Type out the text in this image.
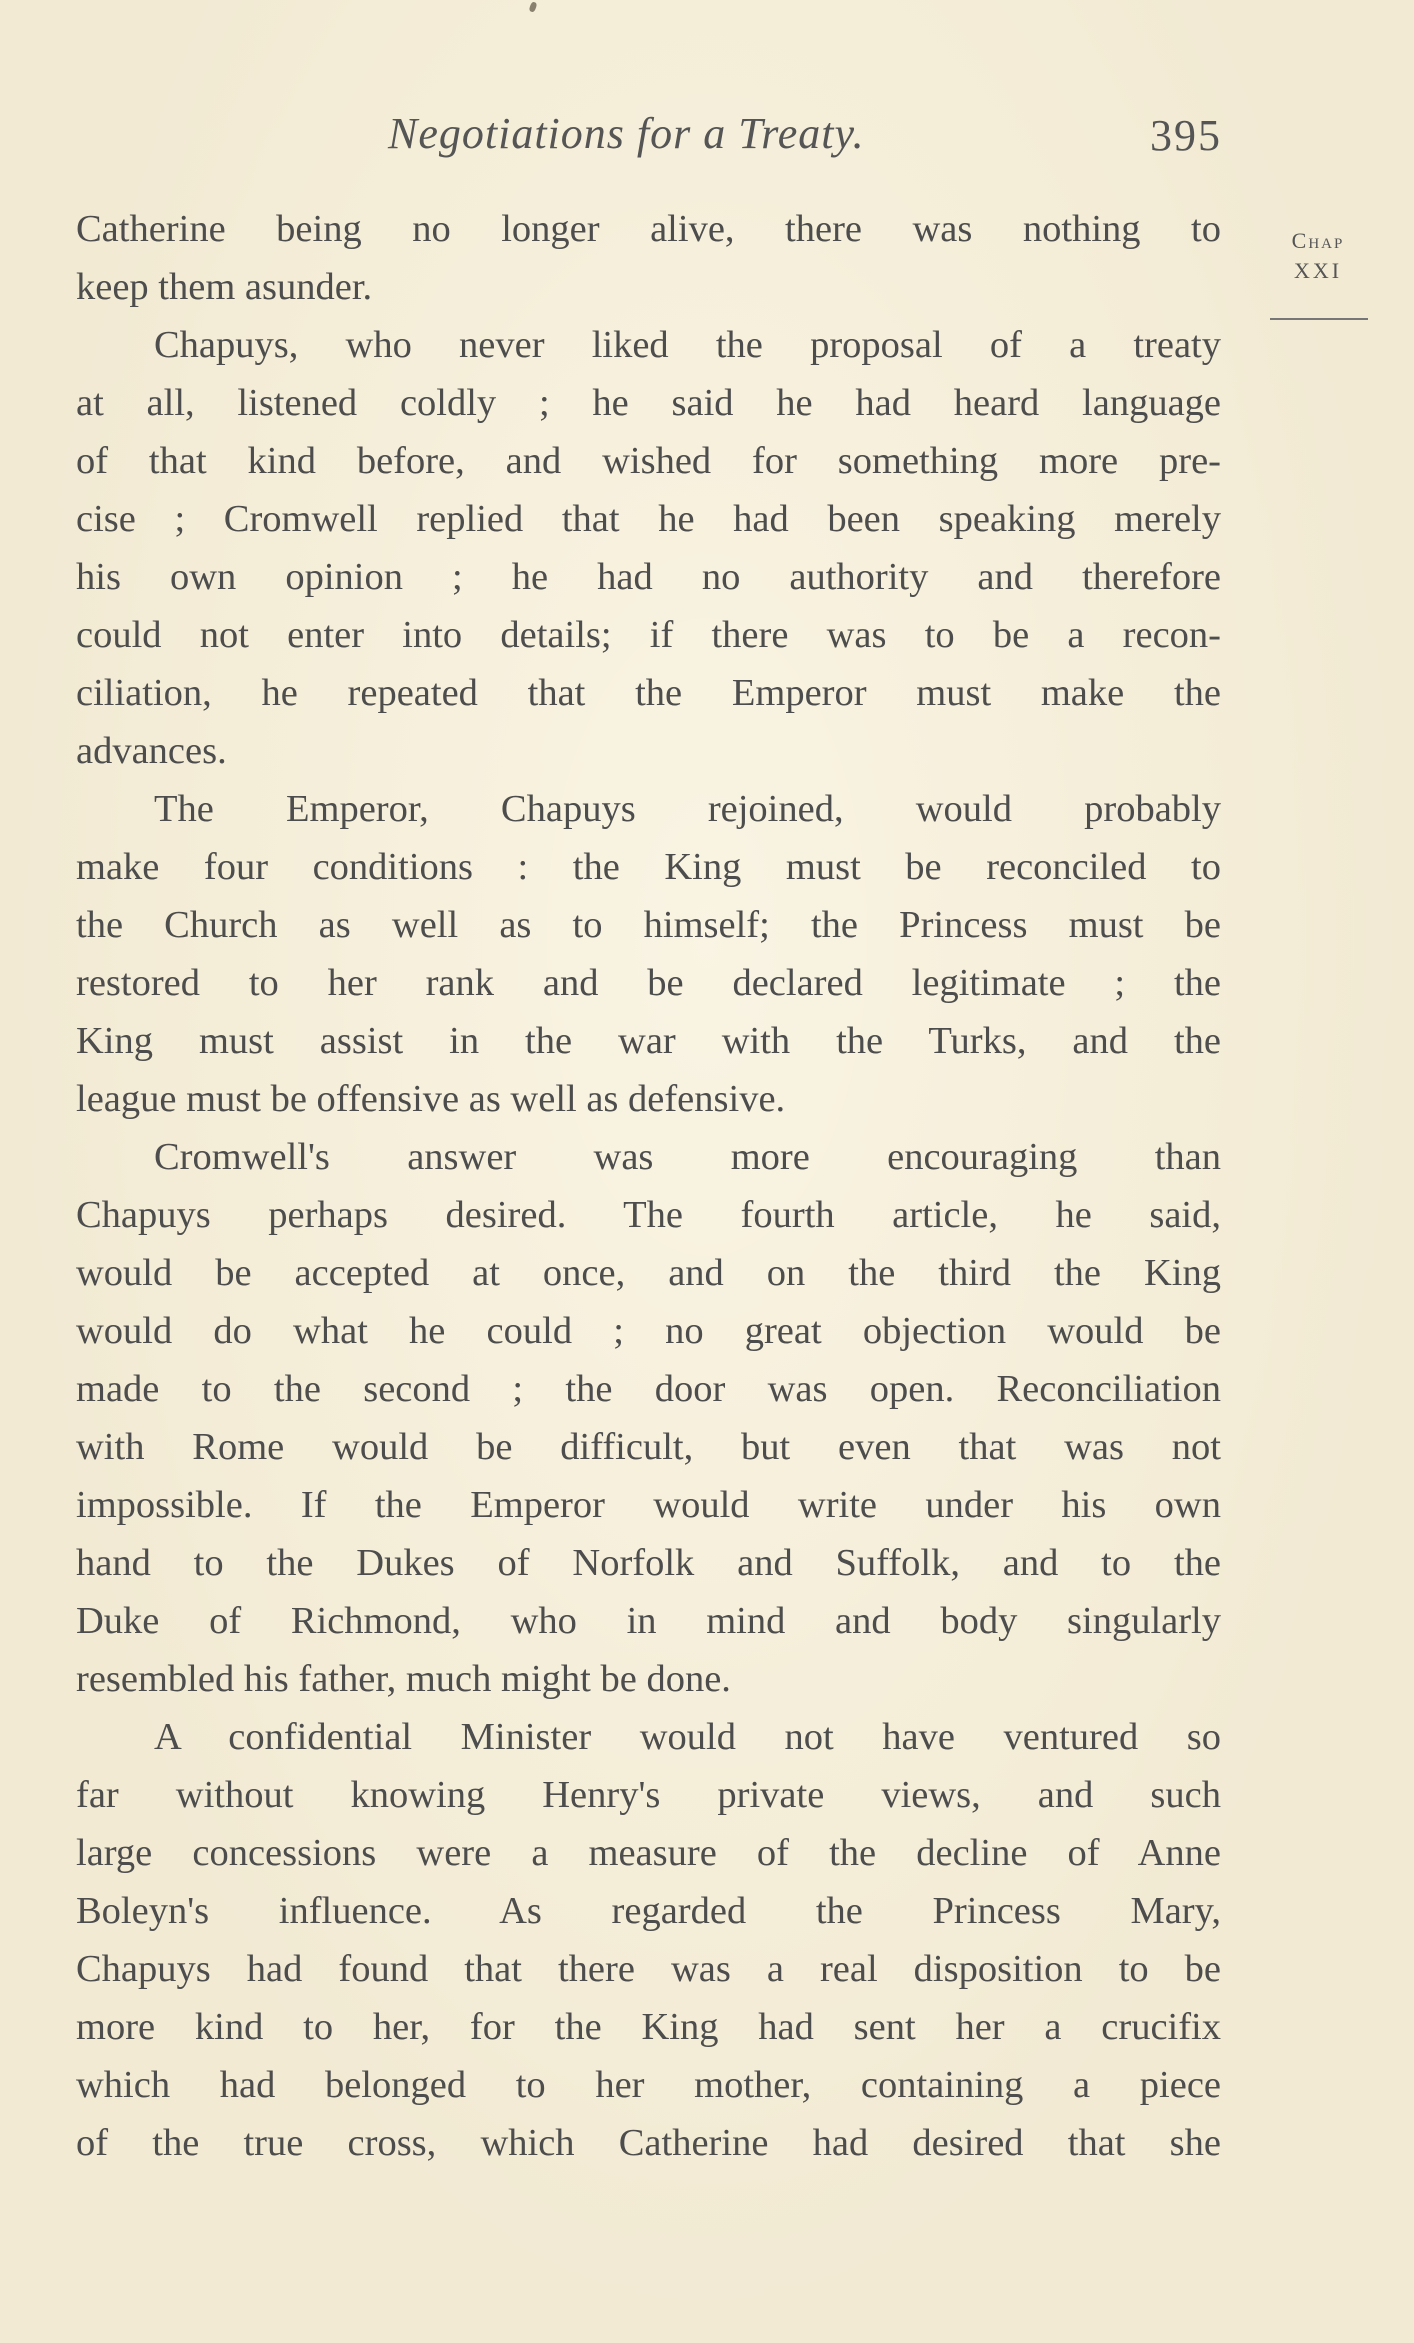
Negotiations for a Treaty.	395
Chap
XXI
Catherine being no longer alive, there was nothing to
keep them asunder.
Chapuys, who never liked the proposal of a treaty
at all, listened coldly ; he said he had heard language
of that kind before, and wished for something more pre-
cise ; Cromwell replied that he had been speaking merely
his own opinion ; he had no authority and therefore
could not enter into details; if there was to be a recon-
ciliation, he repeated that the Emperor must make the
advances.
The Emperor, Chapuys rejoined, would probably
make four conditions : the King must be reconciled to
the Church as well as to himself; the Princess must be
restored to her rank and be declared legitimate ; the
King must assist in the war with the Turks, and the
league must be offensive as well as defensive.
Cromwell's answer was more encouraging than
Chapuys perhaps desired. The fourth article, he said,
would be accepted at once, and on the third the King
would do what he could ; no great objection would be
made to the second ; the door was open. Reconciliation
with Rome would be difficult, but even that was not
impossible. If the Emperor would write under his own
hand to the Dukes of Norfolk and Suffolk, and to the
Duke of Richmond, who in mind and body singularly
resembled his father, much might be done.
A confidential Minister would not have ventured so
far without knowing Henry's private views, and such
large concessions were a measure of the decline of Anne
Boleyn's influence. As regarded the Princess Mary,
Chapuys had found that there was a real disposition to be
more kind to her, for the King had sent her a crucifix
which had belonged to her mother, containing a piece
of the true cross, which Catherine had desired that she
